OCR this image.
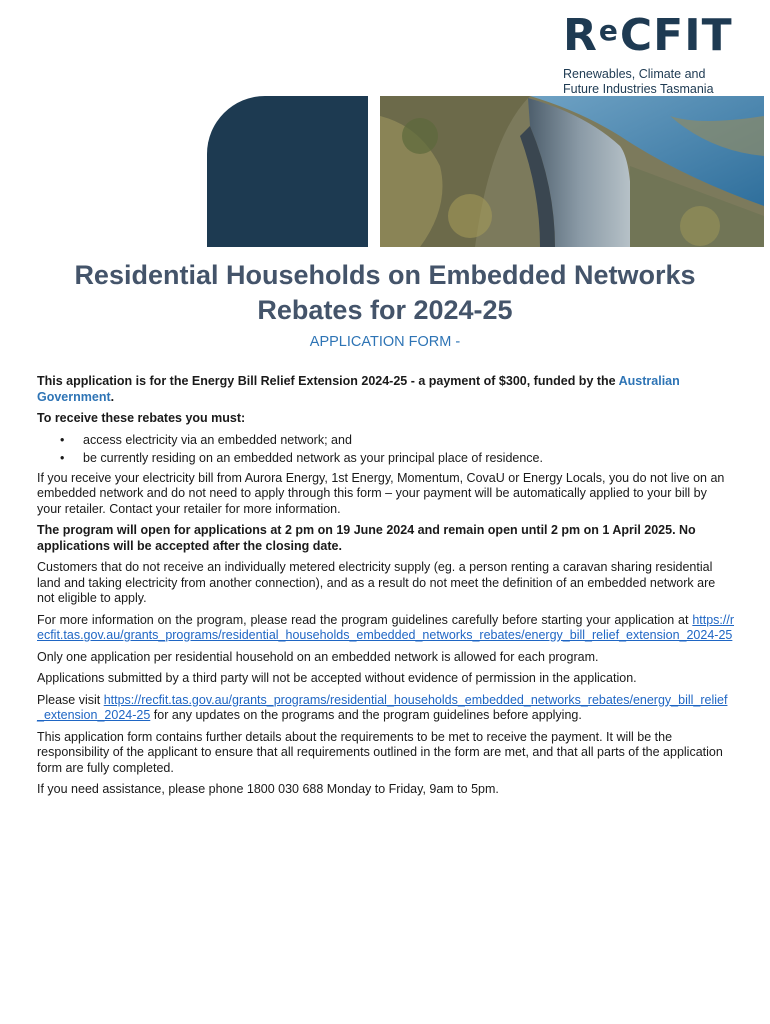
$R^eCFIT$
Renewables, Climate and
Future Industries Tasmania
Residential Households on Embedded Networks
Rebates for 2024-25
APPLICATION FORM -

This application is for the Energy Bill Relief Extension 2024-25 - a payment of $300, funded by the Australian Government.

To receive these rebates you must:

• access electricity via an embedded network; and
• be currently residing on an embedded network as your principal place of residence.

If you receive your electricity bill from Aurora Energy, 1st Energy, Momentum, CovaU or Energy Locals, you do not live on an embedded network and do not need to apply through this form – your payment will be automatically applied to your bill by your retailer. Contact your retailer for more information.

The program will open for applications at 2 pm on 19 June 2024 and remain open until 2 pm on 1 April 2025. No applications will be accepted after the closing date.

Customers that do not receive an individually metered electricity supply (eg. a person renting a caravan sharing residential land and taking electricity from another connection), and as a result do not meet the definition of an embedded network are not eligible to apply.

For more information on the program, please read the program guidelines carefully before starting your application at https://recfit.tas.gov.au/grants_programs/residential_households_embedded_networks_rebates/energy_bill_relief_extension_2024-25

Only one application per residential household on an embedded network is allowed for each program.

Applications submitted by a third party will not be accepted without evidence of permission in the application.

Please visit https://recfit.tas.gov.au/grants_programs/residential_households_embedded_networks_rebates/energy_bill_relief_extension_2024-25 for any updates on the programs and the program guidelines before applying.

This application form contains further details about the requirements to be met to receive the payment. It will be the responsibility of the applicant to ensure that all requirements outlined in the form are met, and that all parts of the application form are fully completed.

If you need assistance, please phone 1800 030 688 Monday to Friday, 9am to 5pm.
